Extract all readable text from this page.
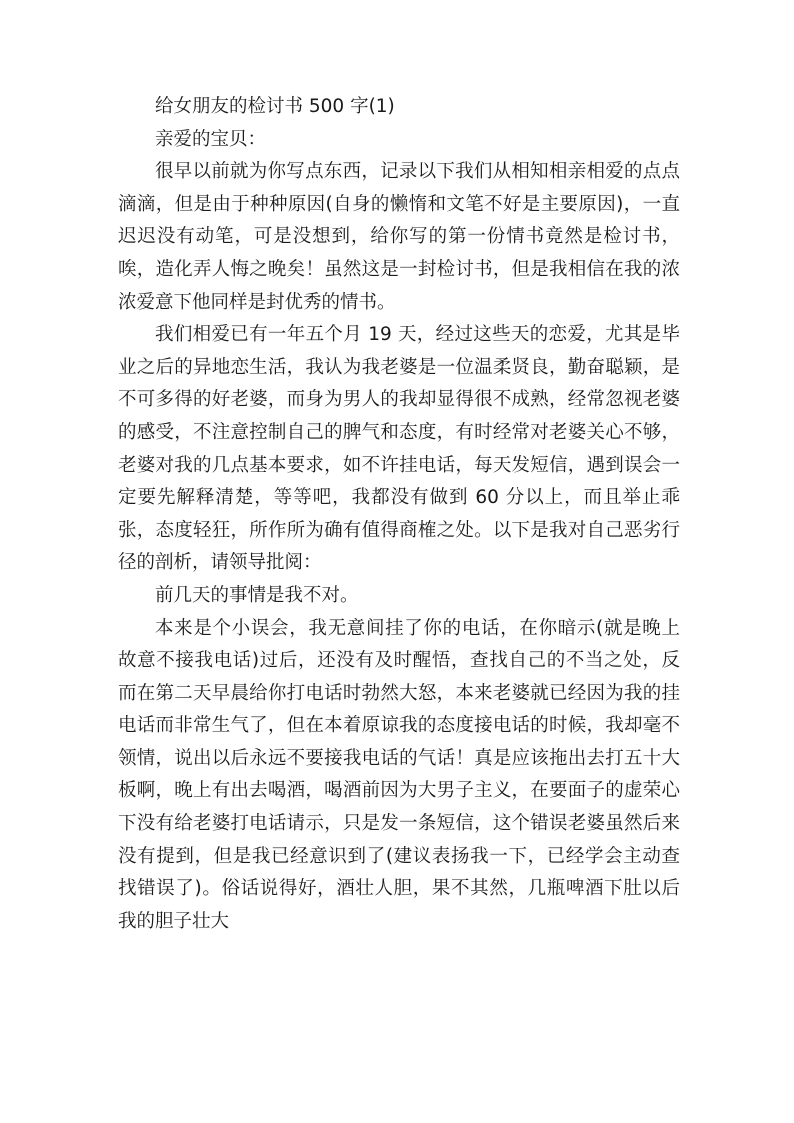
给女朋友的检讨书 500 字(1)

亲爱的宝贝：

很早以前就为你写点东西，记录以下我们从相知相亲相爱的点点滴滴，但是由于种种原因(自身的懒惰和文笔不好是主要原因)，一直迟迟没有动笔，可是没想到，给你写的第一份情书竟然是检讨书，唉，造化弄人悔之晚矣！虽然这是一封检讨书，但是我相信在我的浓浓爱意下他同样是封优秀的情书。

我们相爱已有一年五个月 19 天，经过这些天的恋爱，尤其是毕业之后的异地恋生活，我认为我老婆是一位温柔贤良，勤奋聪颖，是不可多得的好老婆，而身为男人的我却显得很不成熟，经常忽视老婆的感受，不注意控制自己的脾气和态度，有时经常对老婆关心不够，老婆对我的几点基本要求，如不许挂电话，每天发短信，遇到误会一定要先解释清楚，等等吧，我都没有做到 60 分以上，而且举止乖张，态度轻狂，所作所为确有值得商榷之处。以下是我对自己恶劣行径的剖析，请领导批阅：

前几天的事情是我不对。

本来是个小误会，我无意间挂了你的电话，在你暗示(就是晚上故意不接我电话)过后，还没有及时醒悟，查找自己的不当之处，反而在第二天早晨给你打电话时勃然大怒，本来老婆就已经因为我的挂电话而非常生气了，但在本着原谅我的态度接电话的时候，我却毫不领情，说出以后永远不要接我电话的气话！真是应该拖出去打五十大板啊，晚上有出去喝酒，喝酒前因为大男子主义，在要面子的虚荣心下没有给老婆打电话请示，只是发一条短信，这个错误老婆虽然后来没有提到，但是我已经意识到了(建议表扬我一下，已经学会主动查找错误了)。俗话说得好，酒壮人胆，果不其然，几瓶啤酒下肚以后我的胆子壮大
